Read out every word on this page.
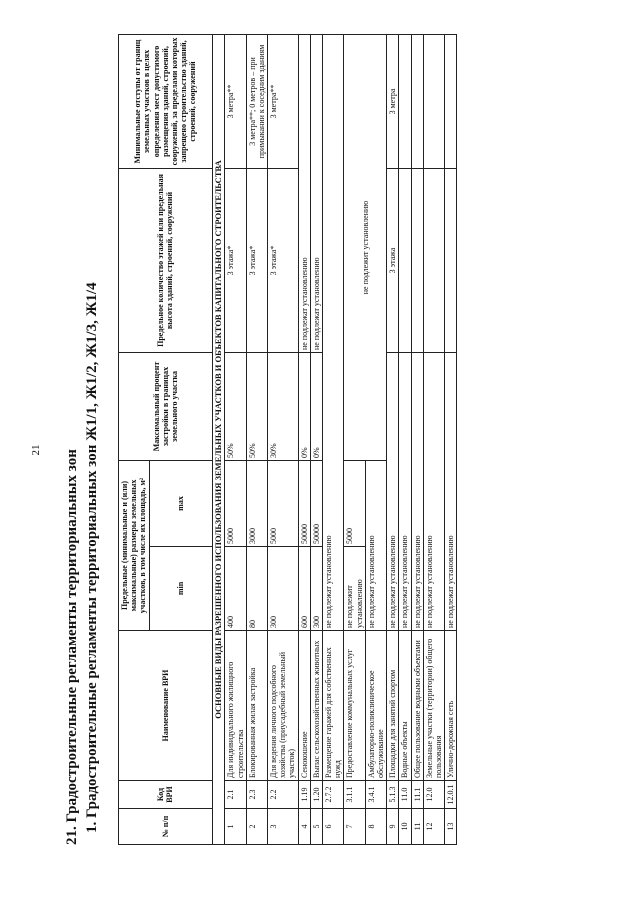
21 21. Градостроительные регламенты территориальных зон 1. Градостроительные регламенты территориальных зон Ж1/1, Ж1/2, Ж1/3, Ж1/4	№ п/п	Код ВРИ	Наименование ВРИ	Предельные (минимальные и (или) максимальные) размеры земельных участков, в том числе их площадь, м²		Максимальный процент застройки в границах земельного участка	Предельное количество этажей или предельная высота зданий, строений, сооружений	Минимальные отступы от границ земельных участков в целях определения мест допустимого размещения зданий, строений, сооружений, за пределами которых запрещено строительство зданий, строений, сооружений
			min	max			
ОСНОВНЫЕ ВИДЫ РАЗРЕШЕННОГО ИСПОЛЬЗОВАНИЯ ЗЕМЕЛЬНЫХ УЧАСТКОВ И ОБЪЕКТОВ КАПИТАЛЬНОГО СТРОИТЕЛЬСТВА							
1	2.1	Для индивидуального жилищного строительства	400	5000	50%	3 этажа*	3 метра**
2	2.3	Блокированная жилая застройка	80	3000	50%	3 этажа*	3 метра**; 0 метров – при примыкании к соседним зданиям
3	2.2	Для ведения личного подсобного хозяйства (приусадебный земельный участок)	300	5000	30%	3 этажа*	3 метра**
4	1.19	Сенокошение	600	50000	0%	не подлежат установлению	
5	1.20	Выпас сельскохозяйственных животных	300	50000	0%	не подлежат установлению	
6	2.7.2	Размещение гаражей для собственных нужд	не подлежат установлению				
7	3.1.1	Предоставление коммунальных услуг	не подлежит установлению	5000	не подлежит установлению		
8	3.4.1	Амбулаторно-поликлиническое обслуживание	не подлежат установлению				
9	5.1.3	Площадки для занятий спортом	не подлежат установлению			3 этажа	3 метра
10	11.0	Водные объекты	не подлежат установлению				
11	11.1	Общее пользование водными объектами	не подлежат установлению				
12	12.0	Земельные участки (территории) общего пользования	не подлежат установлению				
13	12.0.1	Улично-дорожная сеть	не подлежат установлению				
